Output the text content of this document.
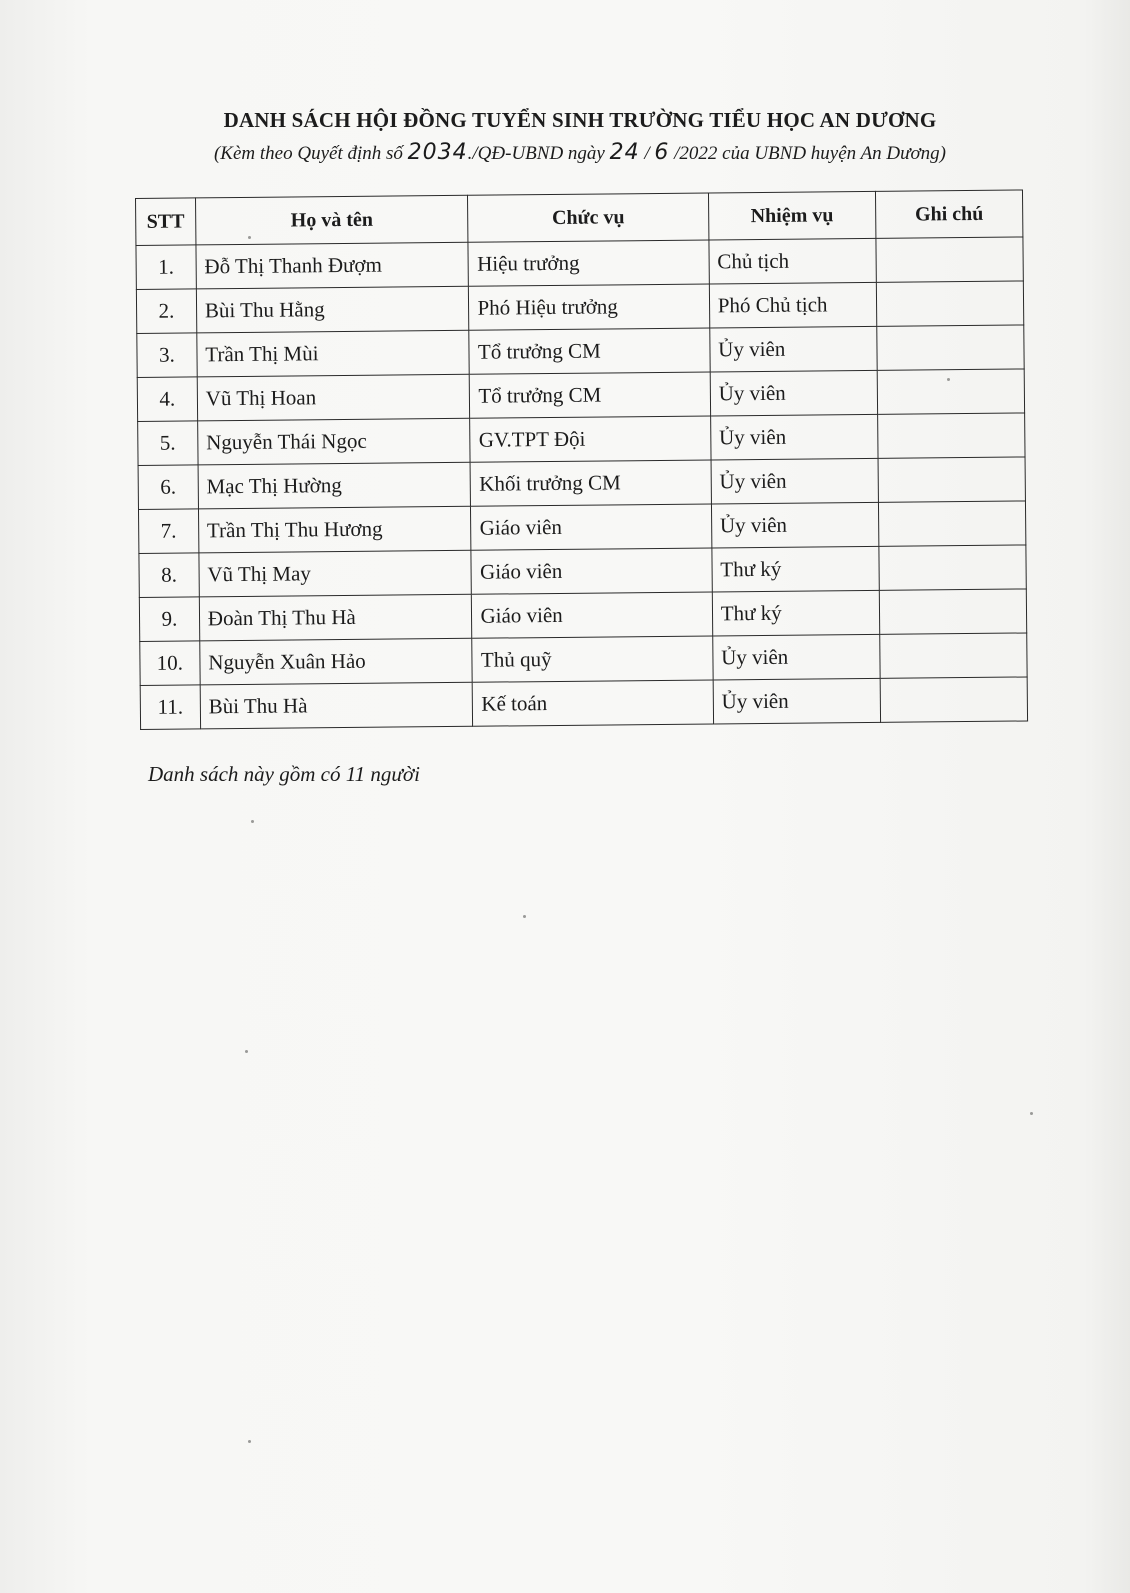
DANH SÁCH HỘI ĐỒNG TUYỂN SINH TRƯỜNG TIỂU HỌC AN DƯƠNG
(Kèm theo Quyết định số 2034./QĐ-UBND ngày 24 / 6 /2022 của UBND huyện An Dương)
STT	Họ và tên	Chức vụ	Nhiệm vụ	Ghi chú
1.	Đỗ Thị Thanh Đượm	Hiệu trưởng	Chủ tịch	
2.	Bùi Thu Hằng	Phó Hiệu trưởng	Phó Chủ tịch	
3.	Trần Thị Mùi	Tổ trưởng CM	Ủy viên	
4.	Vũ Thị Hoan	Tổ trưởng CM	Ủy viên	
5.	Nguyễn Thái Ngọc	GV.TPT Đội	Ủy viên	
6.	Mạc Thị Hường	Khối trưởng CM	Ủy viên	
7.	Trần Thị Thu Hương	Giáo viên	Ủy viên	
8.	Vũ Thị May	Giáo viên	Thư ký	
9.	Đoàn Thị Thu Hà	Giáo viên	Thư ký	
10.	Nguyễn Xuân Hảo	Thủ quỹ	Ủy viên	
11.	Bùi Thu Hà	Kế toán	Ủy viên	
Danh sách này gồm có 11 người
